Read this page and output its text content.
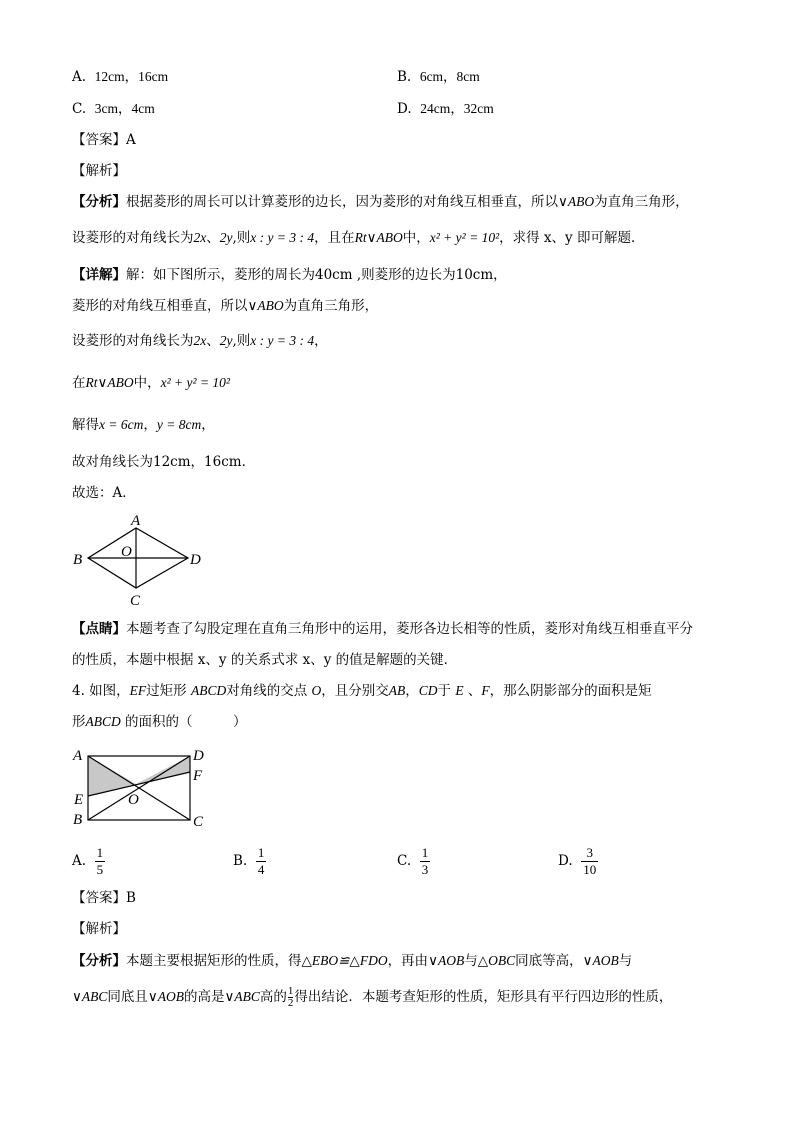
A. 12cm，16cm	B. 6cm，8cm
C. 3cm，4cm	D. 24cm，32cm
【答案】A
【解析】
【分析】根据菱形的周长可以计算菱形的边长，因为菱形的对角线互相垂直，所以∨ABO为直角三角形，
设菱形的对角线长为2x、2y,则x : y = 3 : 4，且在Rt∨ABO中，x² + y² = 10²，求得 x、y 即可解题．
【详解】解：如下图所示，菱形的周长为40cm ,则菱形的边长为10cm，
菱形的对角线互相垂直，所以∨ABO为直角三角形，
设菱形的对角线长为2x、2y,则x : y = 3 : 4，
在Rt∨ABO中，x² + y² = 10²
解得x = 6cm，y = 8cm，
故对角线长为12cm，16cm．
故选：A．
A
B
C
D
O
【点睛】本题考查了勾股定理在直角三角形中的运用，菱形各边长相等的性质，菱形对角线互相垂直平分
的性质，本题中根据 x、y 的关系式求 x、y 的值是解题的关键．
4. 如图，EF过矩形 ABCD对角线的交点 O，且分别交AB，CD于 E 、F，那么阴影部分的面积是矩
形ABCD 的面积的（　　　）
A	D
F
E	O
B	C
A. $\frac{1}{5}$	B. $\frac{1}{4}$	C. $\frac{1}{3}$	D. $\frac{3}{10}$
【答案】B
【解析】
【分析】本题主要根据矩形的性质，得△EBO≌△FDO，再由∨AOB与△OBC同底等高，∨AOB与
∨ABC同底且∨AOB的高是∨ABC高的 $\frac{1}{2}$ 得出结论．本题考查矩形的性质，矩形具有平行四边形的性质，
